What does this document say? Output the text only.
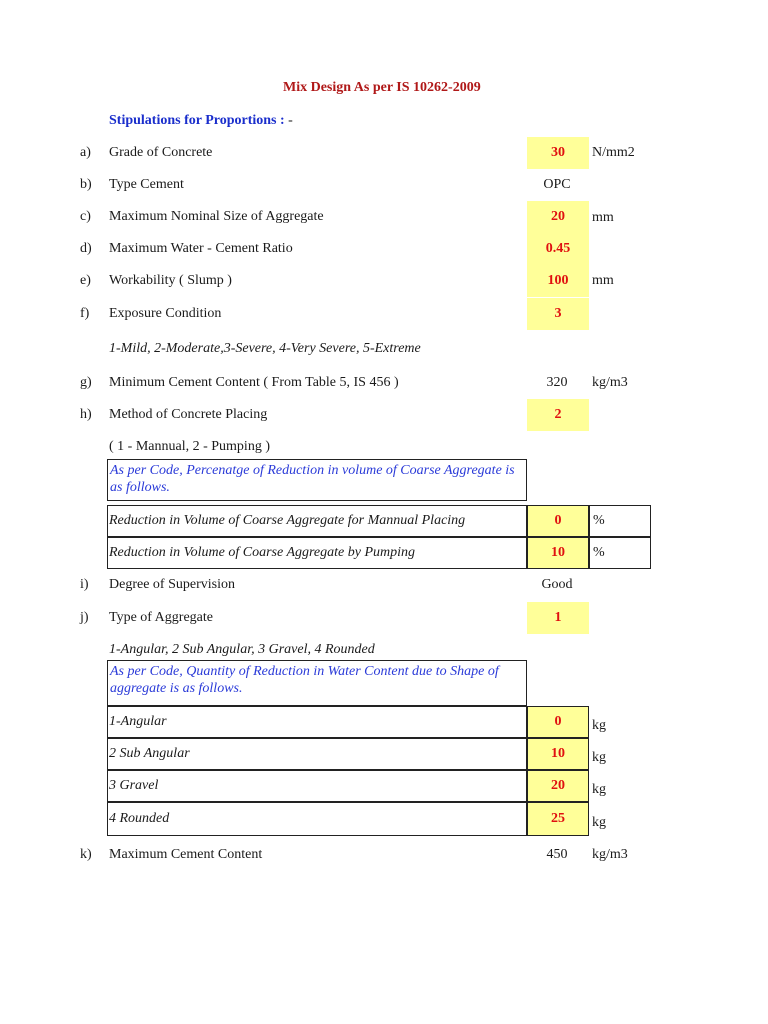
Mix Design As per IS 10262-2009
Stipulations for Proportions : -
a) Grade of Concrete	30	N/mm2
b) Type Cement	OPC
c) Maximum Nominal Size of Aggregate	20	mm
d) Maximum Water - Cement Ratio	0.45
e) Workability ( Slump )	100	mm
f) Exposure Condition	3
1-Mild, 2-Moderate,3-Severe, 4-Very Severe, 5-Extreme
g) Minimum Cement Content ( From Table 5, IS 456 )	320	kg/m3
h) Method of Concrete Placing	2
( 1 - Mannual, 2 - Pumping )
As per Code, Percenatge of Reduction in volume of Coarse Aggregate is as follows.
Reduction in Volume of Coarse Aggregate for Mannual Placing	0	%
Reduction in Volume of Coarse Aggregate by Pumping	10	%
i) Degree of Supervision	Good
j) Type of Aggregate	1
1-Angular, 2 Sub Angular, 3 Gravel, 4 Rounded
As per Code, Quantity of Reduction in Water Content due to Shape of aggregate is as follows.
1-Angular	0	kg
2 Sub Angular	10	kg
3 Gravel	20	kg
4 Rounded	25	kg
k) Maximum Cement Content	450	kg/m3
